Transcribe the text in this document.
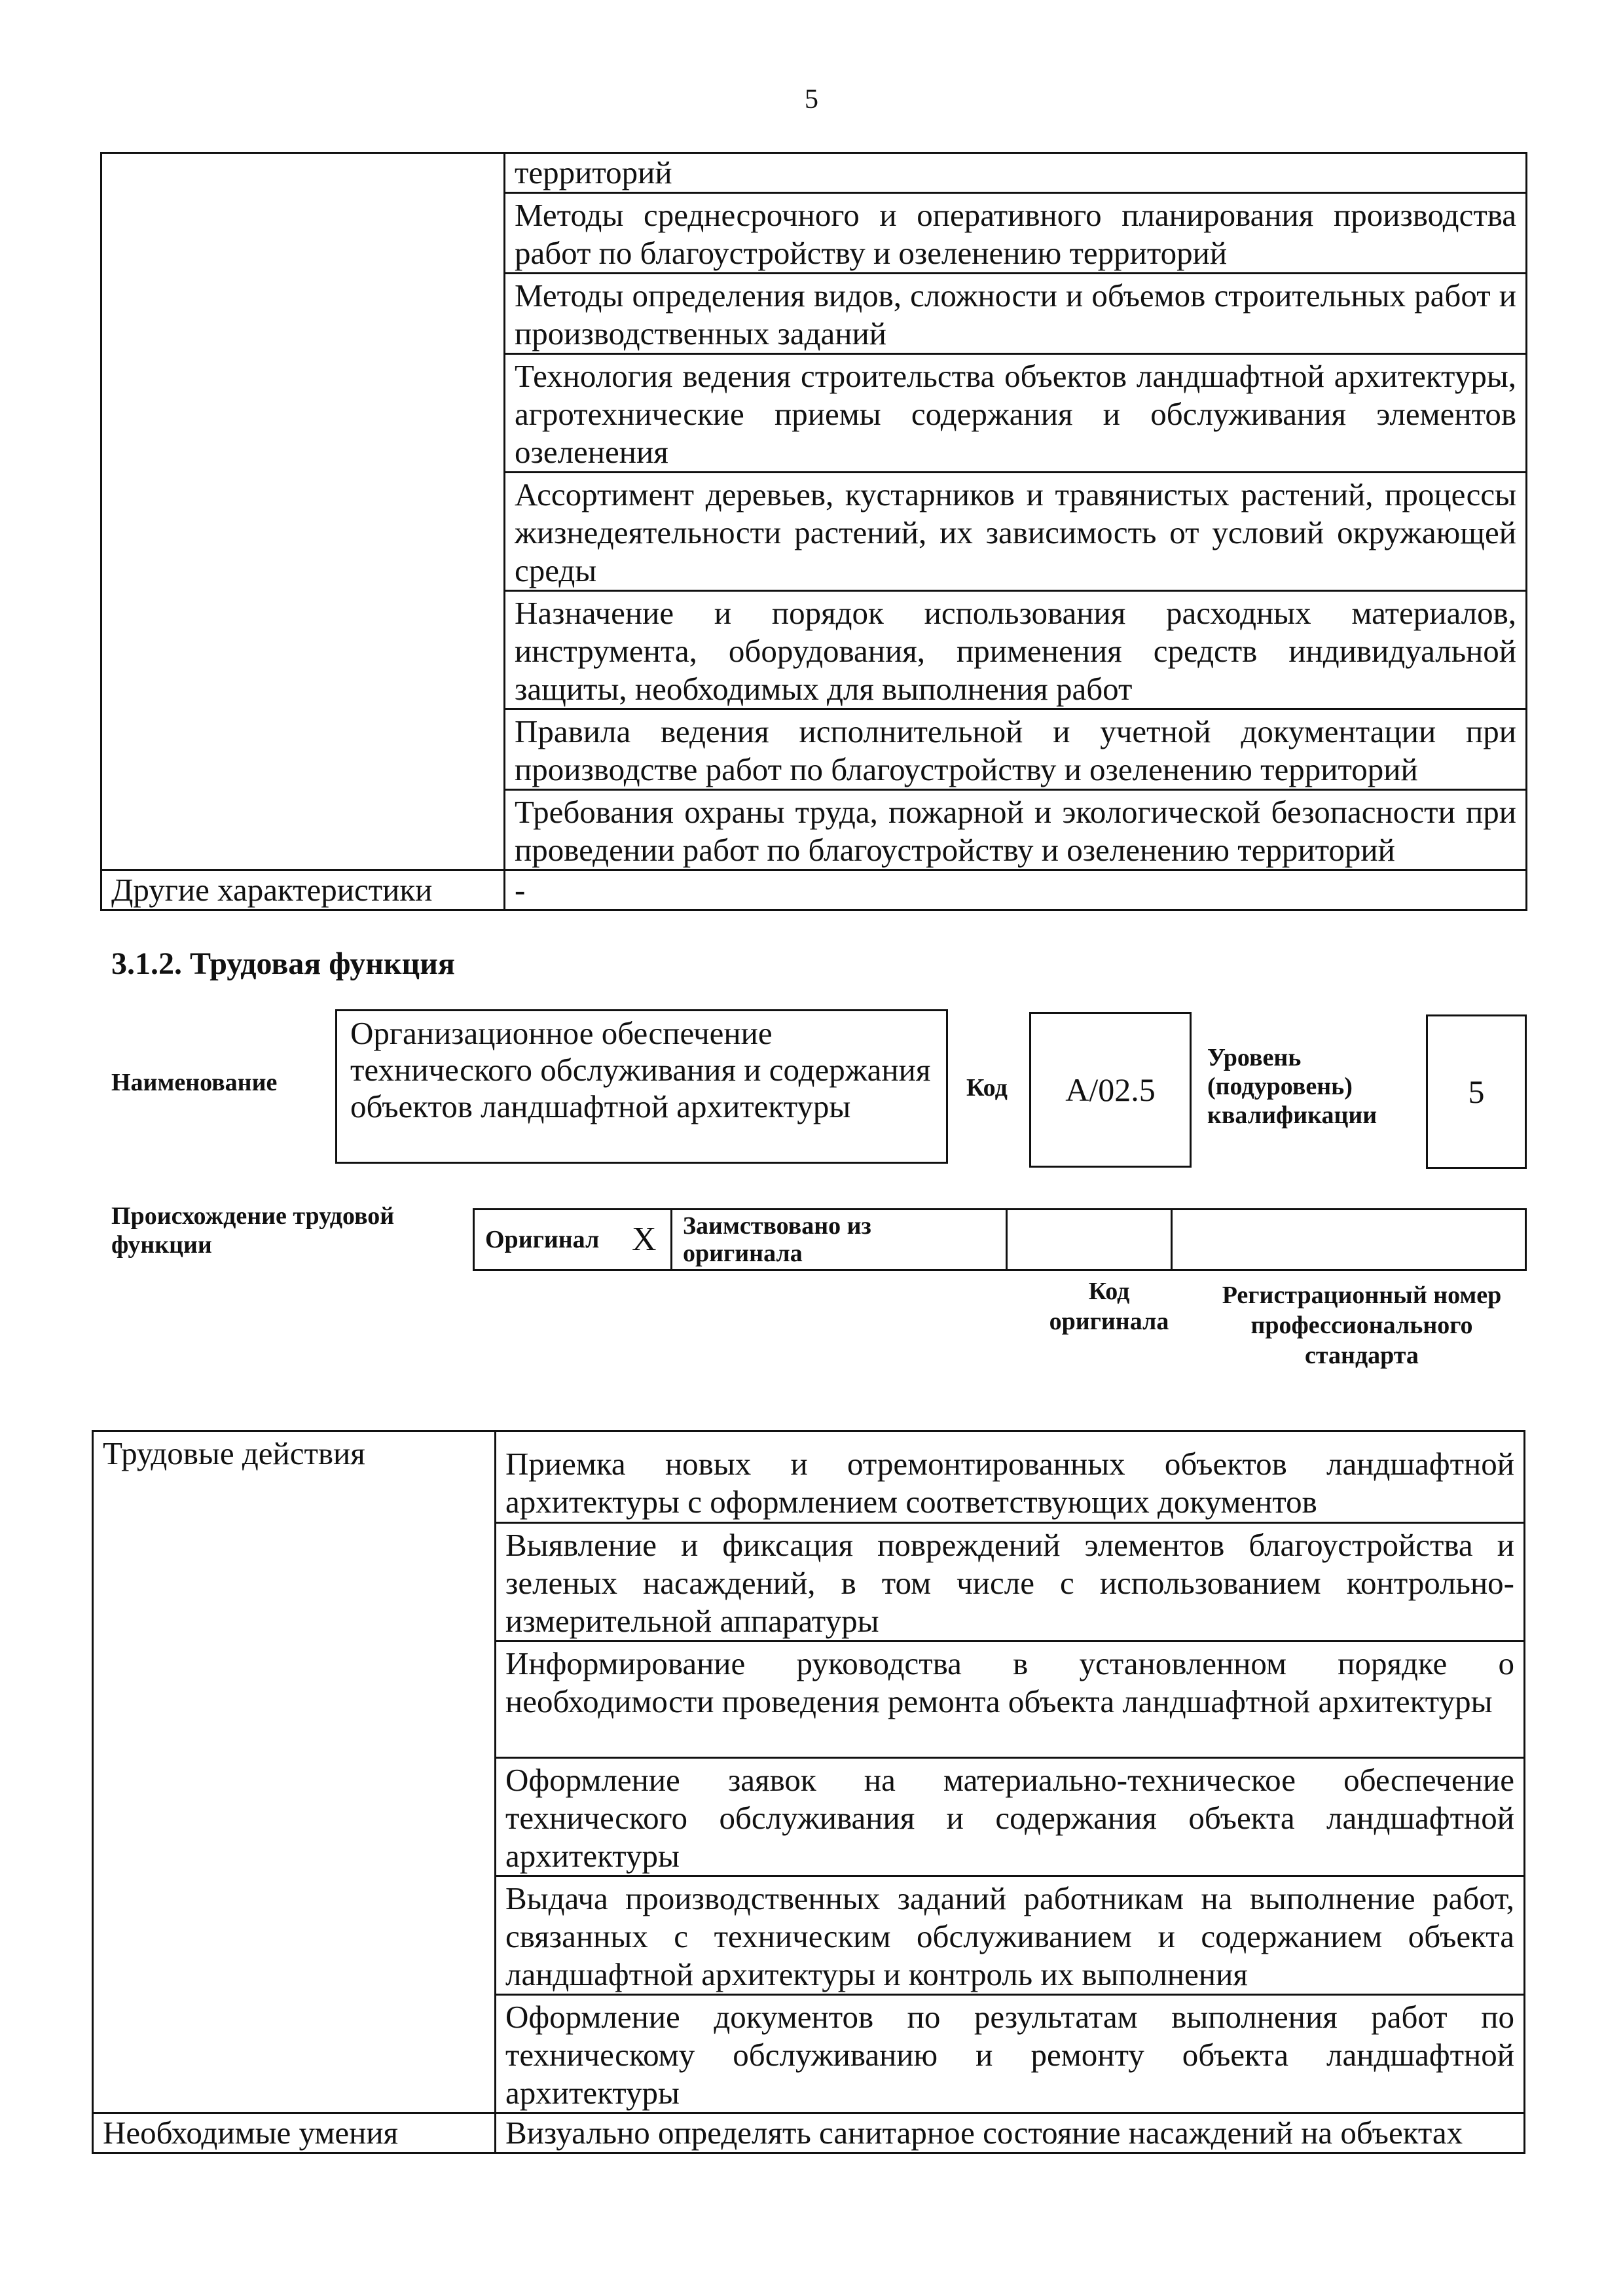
5
	территорий
	Методы среднесрочного и оперативного планирования производства работ по благоустройству и озеленению территорий
	Методы определения видов, сложности и объемов строительных работ и производственных заданий
	Технология ведения строительства объектов ландшафтной архитектуры, агротехнические приемы содержания и обслуживания элементов озеленения
	Ассортимент деревьев, кустарников и травянистых растений, процессы жизнедеятельности растений, их зависимость от условий окружающей среды
	Назначение и порядок использования расходных материалов, инструмента, оборудования, применения средств индивидуальной защиты, необходимых для выполнения работ
	Правила ведения исполнительной и учетной документации при производстве работ по благоустройству и озеленению территорий
	Требования охраны труда, пожарной и экологической безопасности при проведении работ по благоустройству и озеленению территорий
Другие характеристики	-
3.1.2. Трудовая функция
Наименование
Организационное обеспечение технического обслуживания и содержания объектов ландшафтной архитектуры
Код A/02.5
Уровень (подуровень) квалификации
5
Происхождение трудовой функции	Оригинал	X	Заимствовано из оригинала		
Код оригинала
Регистрационный номер профессионального стандарта
Трудовые действия	Приемка новых и отремонтированных объектов ландшафтной архитектуры с оформлением соответствующих документов
	Выявление и фиксация повреждений элементов благоустройства и зеленых насаждений, в том числе с использованием контрольно-измерительной аппаратуры
	Информирование руководства в установленном порядке о необходимости проведения ремонта объекта ландшафтной архитектуры
	Оформление заявок на материально-техническое обеспечение технического обслуживания и содержания объекта ландшафтной архитектуры
	Выдача производственных заданий работникам на выполнение работ, связанных с техническим обслуживанием и содержанием объекта ландшафтной архитектуры и контроль их выполнения
	Оформление документов по результатам выполнения работ по техническому обслуживанию и ремонту объекта ландшафтной архитектуры
Необходимые умения	Визуально определять санитарное состояние насаждений на объектах
